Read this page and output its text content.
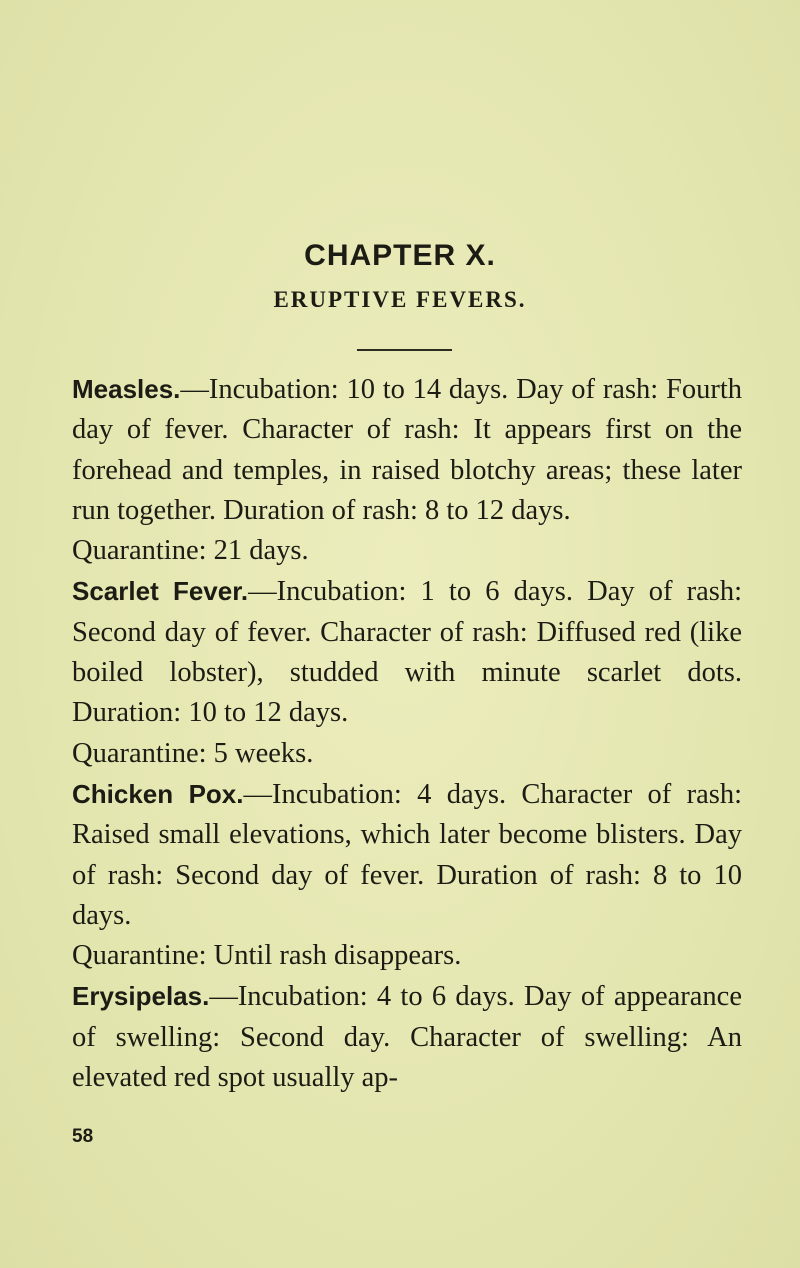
CHAPTER X.
ERUPTIVE FEVERS.

Measles.—Incubation: 10 to 14 days. Day of rash: Fourth day of fever. Character of rash: It appears first on the forehead and temples, in raised blotchy areas; these later run together. Duration of rash: 8 to 12 days.

Quarantine: 21 days.

Scarlet Fever.—Incubation: 1 to 6 days. Day of rash: Second day of fever. Character of rash: Diffused red (like boiled lobster), studded with minute scarlet dots. Duration: 10 to 12 days.

Quarantine: 5 weeks.

Chicken Pox.—Incubation: 4 days. Character of rash: Raised small elevations, which later become blisters. Day of rash: Second day of fever. Duration of rash: 8 to 10 days.

Quarantine: Until rash disappears.

Erysipelas.—Incubation: 4 to 6 days. Day of appearance of swelling: Second day. Character of swelling: An elevated red spot usually ap-

58
